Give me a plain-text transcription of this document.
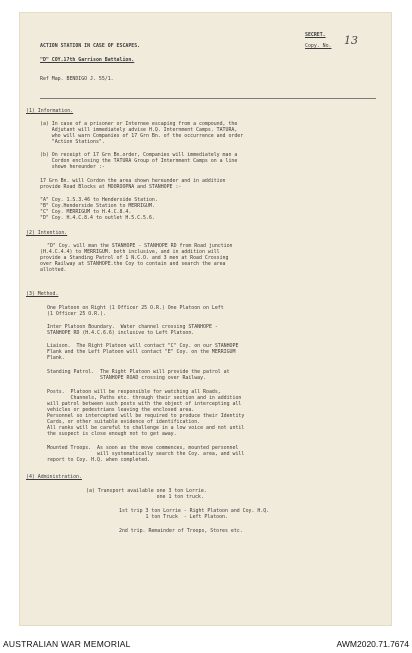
SECRET.
Copy. No. 13
ACTION STATION IN CASE OF ESCAPES.
"D" COY.17th Garrison Battalion.
Ref Map. BENDIGO J. 55/1.
(1) Information.
(a) In case of a prisoner or Internee escaping from a compound, the
Adjutant will immediately advise H.Q. Internment Camps. TATURA,
who will warn Companies of 17 Grn Bn. of the occurrence and order
"Action Stations".
(b) On receipt of 17 Grn Bn.order, Companies will immediately man a
Cordon enclosing the TATURA Group of Internment Camps on a line
shown hereunder :-
17 Grn Bn. will Cordon the area shown hereunder and in addition
provide Road Blocks at MOOROOPNA and STANHOPE :-
"A" Coy. 1.S.3.46 to Henderside Station.
"B" Coy.Henderside Station to MERRIGUM.
"C" Coy. MERRIGUM to H.4.C.8.4.
"D" Coy. H.4.C.8.4 to outlet H.5.C.5.6.
(2) Intention.
"D" Coy. will man the STANHOPE - STANHOPE RD from Road junction
(H.4.C.4.4) to MERRIGUM. both inclusive, and in addition will
provide a Standing Patrol of 1 N.C.O. and 3 men at Road Crossing
over Railway at STANHOPE.the Coy to contain and search the area
allotted.
(3) Method.
One Platoon on Right (1 Officer 25 O.R.) One Platoon on Left
(1 Officer 25 O.R.).
Inter Platoon Boundary.  Water channel crossing STANHOPE -
STANHOPE RD (H.4.C.6.6) inclusive to Left Platoon.
Liaison.  The Right Platoon will contact "C" Coy. on our STANHOPE
Flank and the Left Platoon will contact "E" Coy. on the MERRIGUM
Flank.
Standing Patrol.  The Right Platoon will provide the patrol at
STANHOPE ROAD crossing over Railway.
Posts.  Platoon will be responsible for watching all Roads,
Channels, Paths etc. through their section and in addition
will patrol between such posts with the object of intercepting all
vehicles or pedestrians leaving the enclosed area.
Personnel so intercepted will be required to produce their Identity
Cards, or other suitable evidence of identification.
All ranks will be careful to challenge in a low voice and not until
the suspect is close enough not to get away.
Mounted Troops.  As soon as the move commences, mounted personnel
will systematically search the Coy. area, and will
report to Coy. H.Q. when completed.
(4) Administration.
(a) Transport available one 3 ton Lorrie.
one 1 ton truck.
1st trip 3 ton Lorrie - Right Platoon and Coy. H.Q.
1 ton Truck  - Left Platoon.
2nd trip. Remainder of Troops, Stores etc.
AUSTRALIAN WAR MEMORIAL	AWM2020.71.7674
